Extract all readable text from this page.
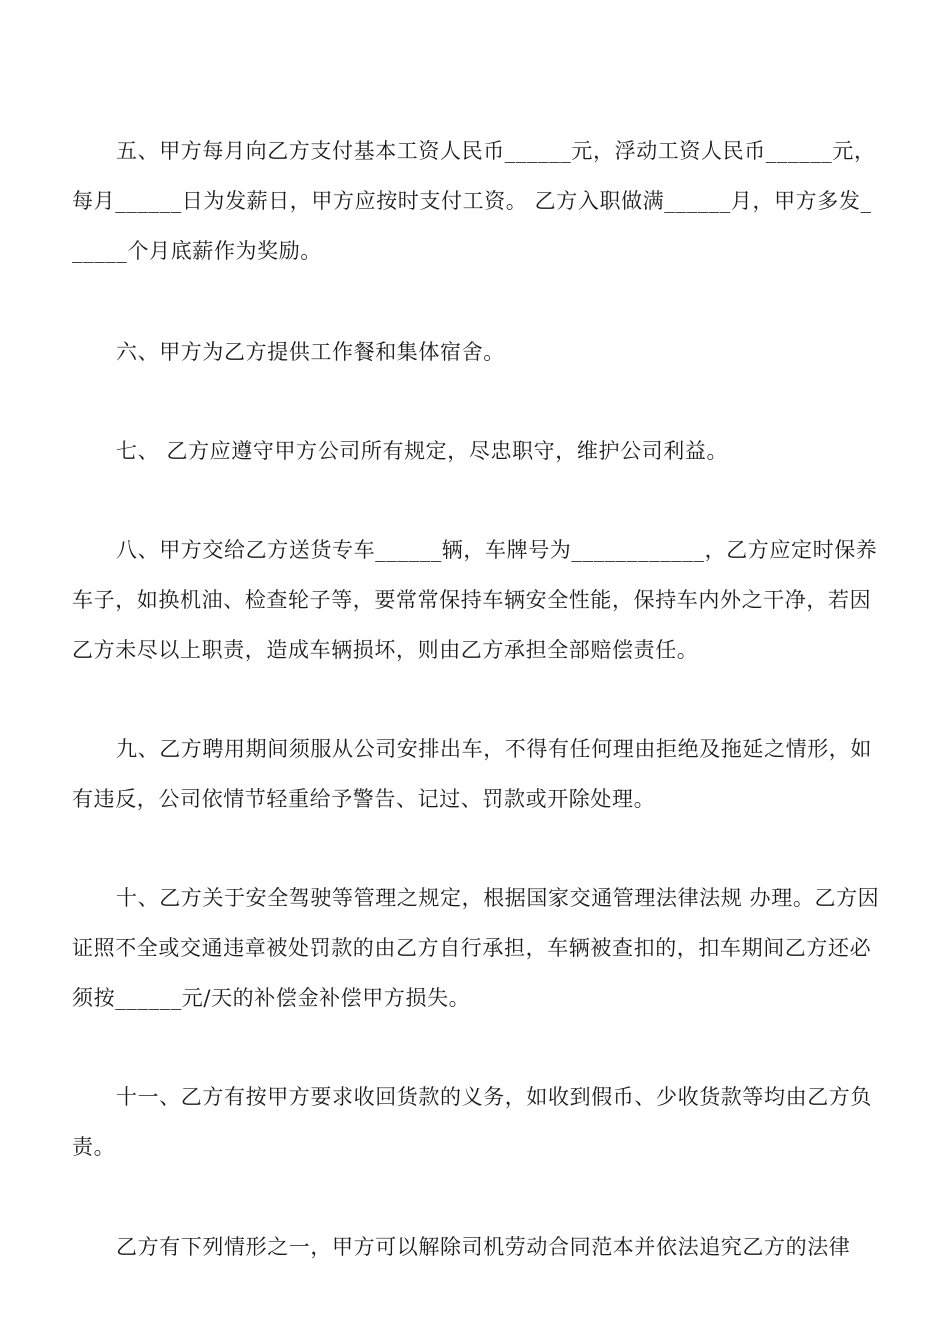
五、甲方每月向乙方支付基本工资人民币______元，浮动工资人民币______元，每月______日为发薪日，甲方应按时支付工资。 乙方入职做满______月，甲方多发______个月底薪作为奖励。

六、甲方为乙方提供工作餐和集体宿舍。

七、 乙方应遵守甲方公司所有规定，尽忠职守，维护公司利益。

八、甲方交给乙方送货专车______辆，车牌号为____________，乙方应定时保养车子，如换机油、检查轮子等，要常常保持车辆安全性能，保持车内外之干净，若因乙方未尽以上职责，造成车辆损坏，则由乙方承担全部赔偿责任。

九、乙方聘用期间须服从公司安排出车，不得有任何理由拒绝及拖延之情形，如有违反，公司依情节轻重给予警告、记过、罚款或开除处理。

十、乙方关于安全驾驶等管理之规定，根据国家交通管理法律法规 办理。乙方因证照不全或交通违章被处罚款的由乙方自行承担，车辆被查扣的，扣车期间乙方还必须按______元/天的补偿金补偿甲方损失。

十一、乙方有按甲方要求收回货款的义务，如收到假币、少收货款等均由乙方负责。

乙方有下列情形之一，甲方可以解除司机劳动合同范本并依法追究乙方的法律
